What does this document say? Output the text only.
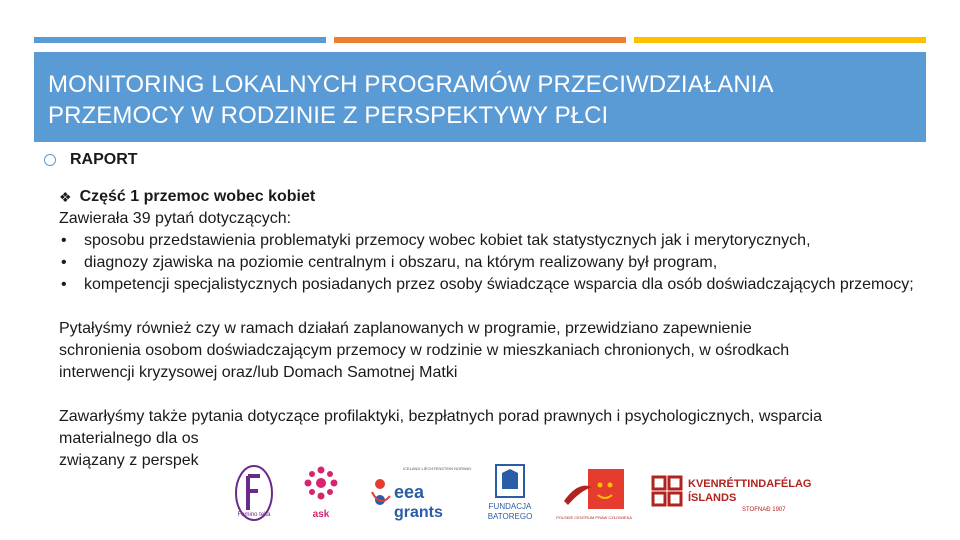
MONITORING LOKALNYCH PROGRAMÓW PRZECIWDZIAŁANIA
PRZEMOCY W RODZINIE Z PERSPEKTYWY PŁCI
RAPORT
❖ Część 1 przemoc wobec kobiet

Zawierała 39 pytań dotyczących:

• sposobu przedstawienia problematyki przemocy wobec kobiet tak statystycznych jak i merytorycznych,
• diagnozy zjawiska na poziomie centralnym i obszaru, na którym realizowany był program,
• kompetencji specjalistycznych posiadanych przez osoby świadczące wsparcia dla osób doświadczających przemocy;

Pytałyśmy również czy w ramach działań zaplanowanych w programie, przewidziano zapewnienie
schronienia osobom doświadczającym przemocy w rodzinie w mieszkaniach chronionych, w ośrodkach
interwencji kryzysowej oraz/lub Domach Samotnej Matki

Zawarłyśmy także pytania dotyczące profilaktyki, bezpłatnych porad prawnych i psychologicznych, wsparcia
materialnego dla os
związany z perspek

Femino teka	ask
ICELAND LIECHTENSTEIN NORWAY
eea
grants	FUNDACJA
BATOREGO	POLSKIE CENTRUM PRAW CZŁOWIEKA
KVENRÉTTINDAFÉLAG
ÍSLANDS
STOFNAÐ 1907
